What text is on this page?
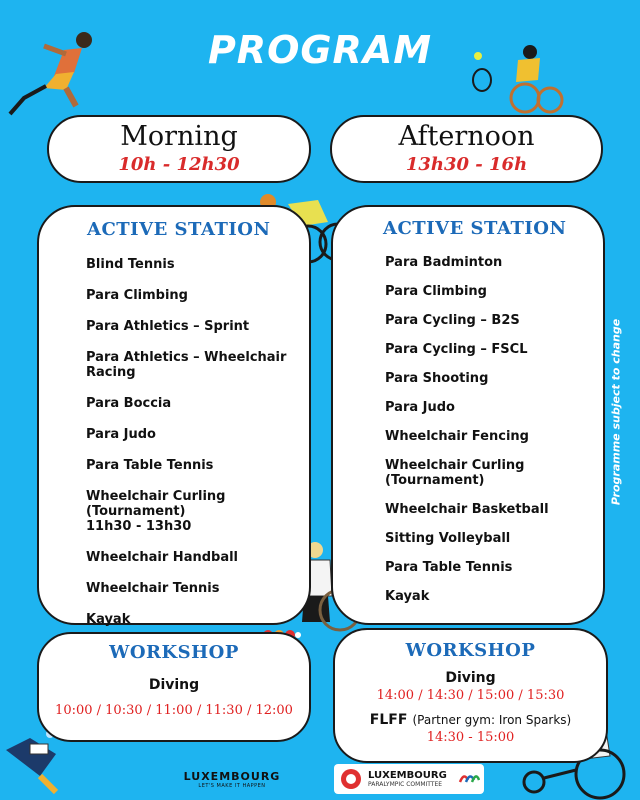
PROGRAM
Morning
10h - 12h30
Afternoon
13h30 - 16h
ACTIVE STATION
Blind Tennis
Para Climbing
Para Athletics – Sprint
Para Athletics – Wheelchair Racing
Para Boccia
Para Judo
Para Table Tennis
Wheelchair Curling (Tournament)
11h30 - 13h30
Wheelchair Handball
Wheelchair Tennis
Kayak
ACTIVE STATION
Para Badminton
Para Climbing
Para Cycling – B2S
Para Cycling – FSCL
Para Shooting
Para Judo
Wheelchair Fencing
Wheelchair Curling (Tournament)
Wheelchair Basketball
Sitting Volleyball
Para Table Tennis
Kayak
WORKSHOP
Diving
10:00 / 10:30 / 11:00 / 11:30 / 12:00
WORKSHOP
Diving
14:00 / 14:30 / 15:00 / 15:30
FLFF (Partner gym: Iron Sparks)
14:30 - 15:00
Programme subject to change
LUXEMBOURG
LET'S MAKE IT HAPPEN
LUXEMBOURG
PARALYMPIC COMMITTEE
